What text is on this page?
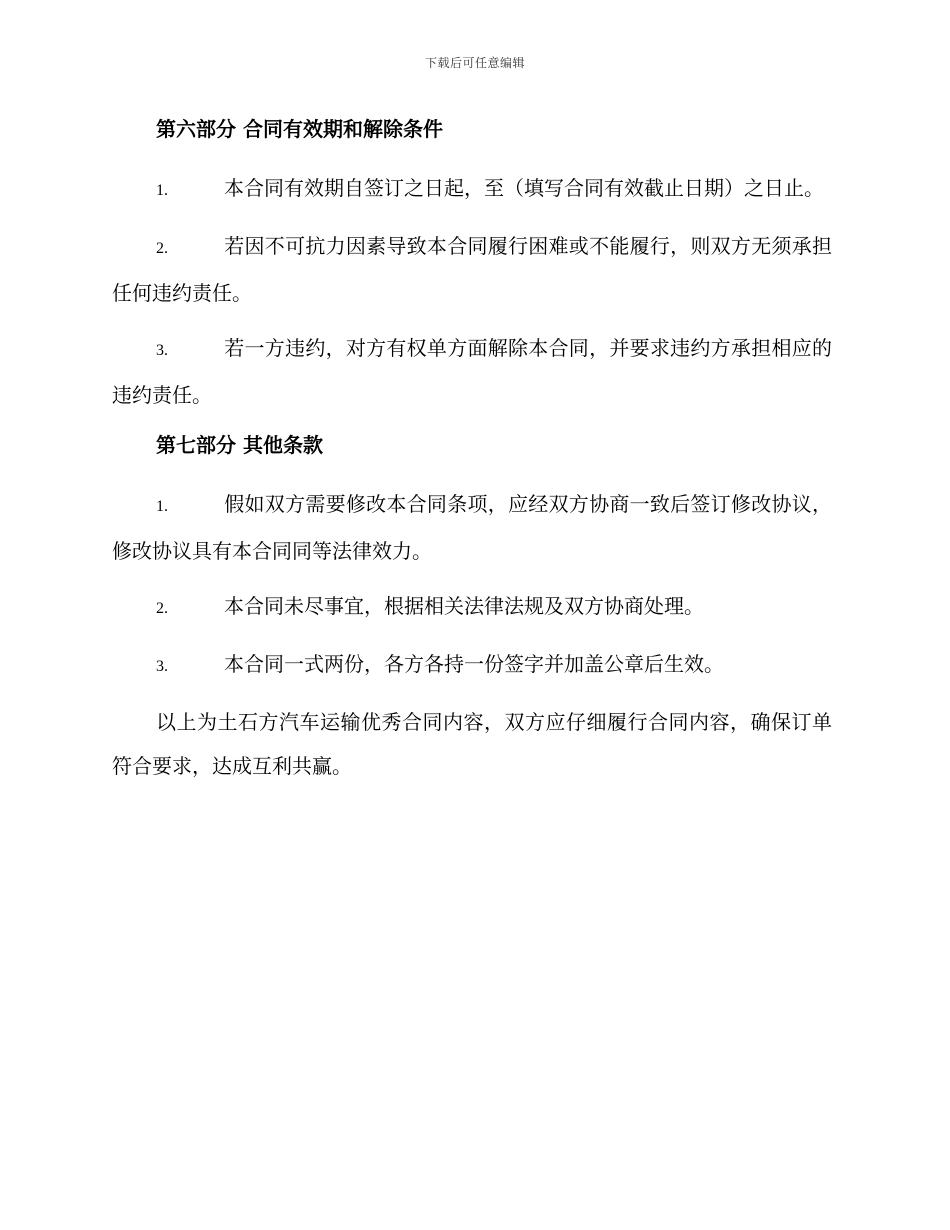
下载后可任意编辑
第六部分 合同有效期和解除条件
1.	本合同有效期自签订之日起，至（填写合同有效截止日期）之日止。
2.	若因不可抗力因素导致本合同履行困难或不能履行，则双方无须承担任何违约责任。
3.	若一方违约，对方有权单方面解除本合同，并要求违约方承担相应的违约责任。
第七部分 其他条款
1.	假如双方需要修改本合同条项，应经双方协商一致后签订修改协议，修改协议具有本合同同等法律效力。
2.	本合同未尽事宜，根据相关法律法规及双方协商处理。
3.	本合同一式两份，各方各持一份签字并加盖公章后生效。

以上为土石方汽车运输优秀合同内容，双方应仔细履行合同内容，确保订单符合要求，达成互利共赢。
